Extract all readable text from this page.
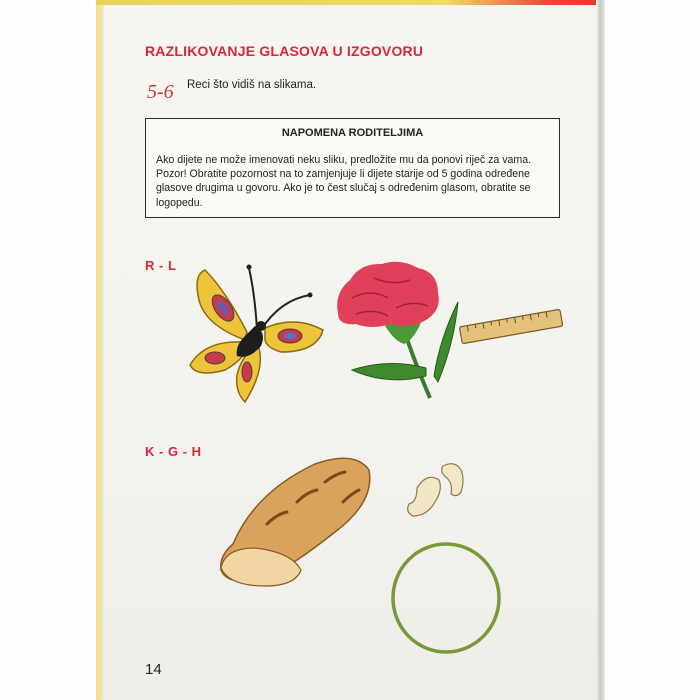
RAZLIKOVANJE GLASOVA U IZGOVORU
5-6 Reci što vidiš na slikama.
NAPOMENA RODITELJIMA
Ako dijete ne može imenovati neku sliku, predložite mu da ponovi riječ za vama.
Pozor! Obratite pozornost na to zamjenjuje li dijete starije od 5 godina određene
glasove drugima u govoru. Ako je to čest slučaj s određenim glasom, obratite se
logopedu.
R - L
K - G - H
14
